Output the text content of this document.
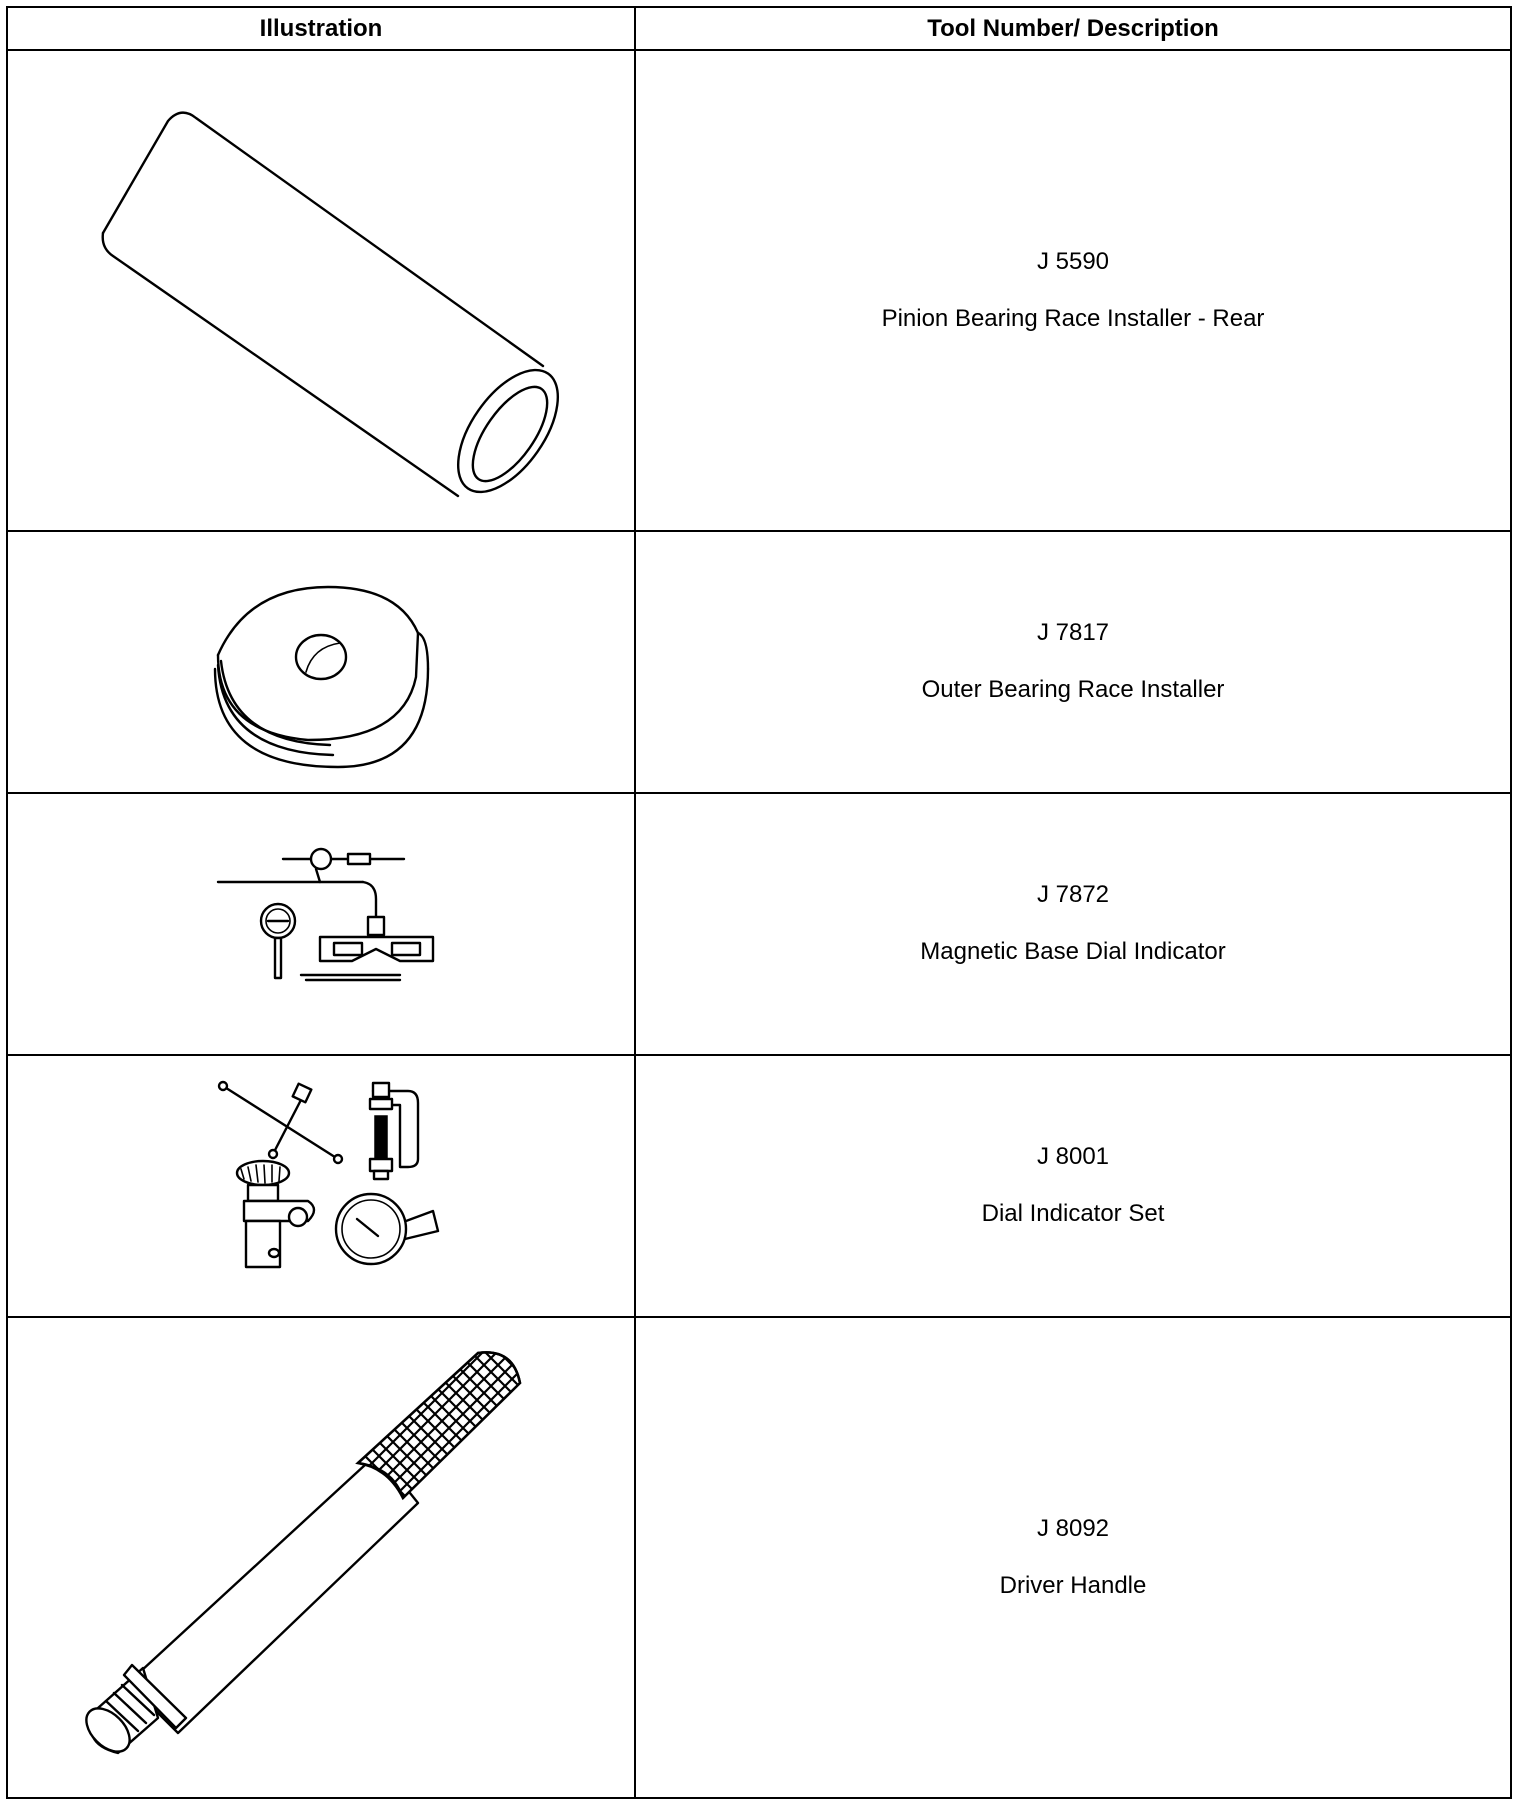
Illustration	Tool Number/ Description

J 5590
Pinion Bearing Race Installer - Rear

J 7817
Outer Bearing Race Installer

J 7872
Magnetic Base Dial Indicator

J 8001
Dial Indicator Set

J 8092
Driver Handle
